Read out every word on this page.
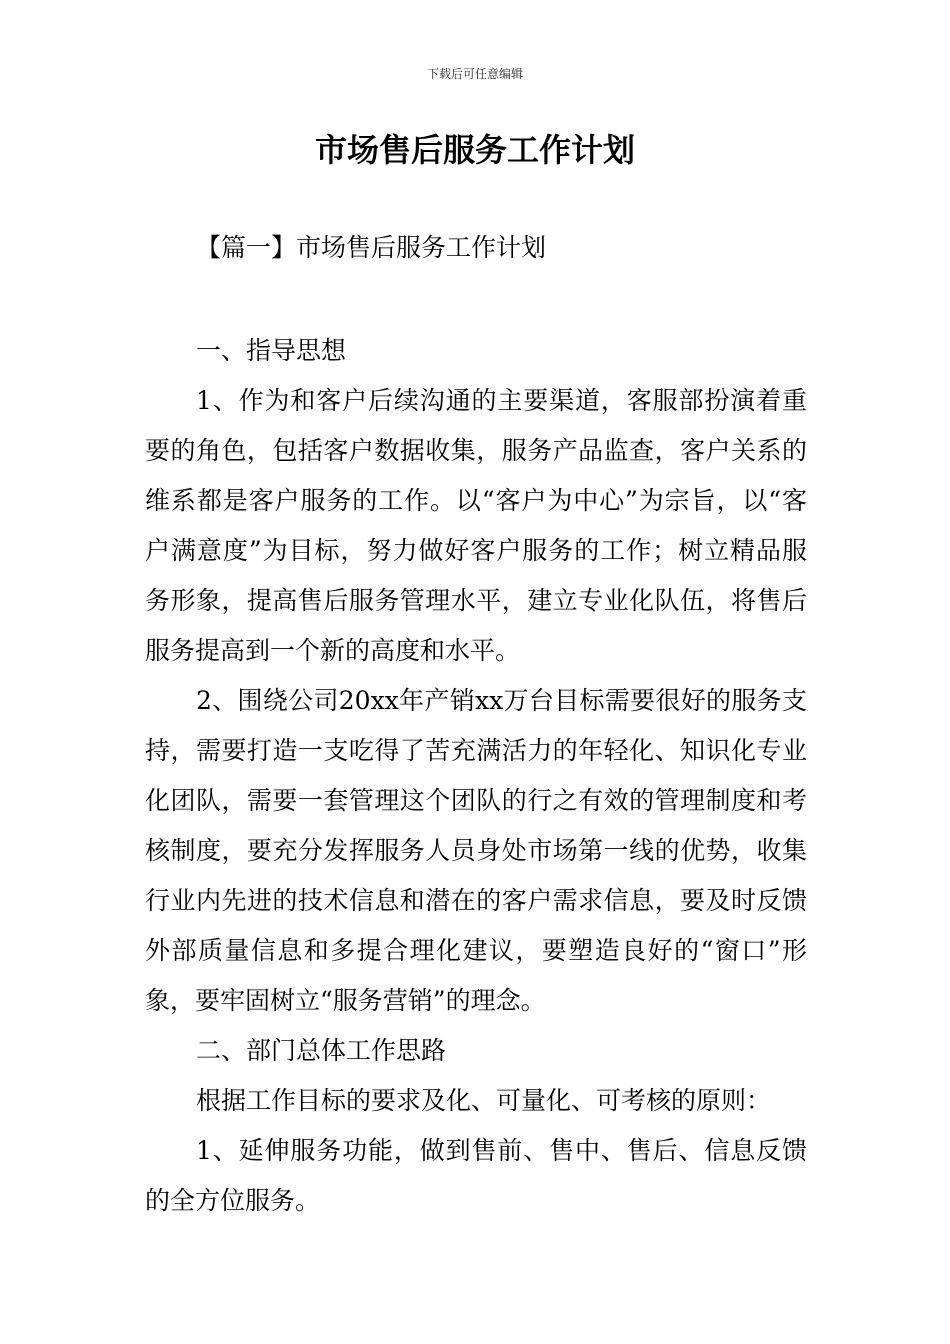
下载后可任意编辑
市场售后服务工作计划
【篇一】市场售后服务工作计划

一、指导思想

1、作为和客户后续沟通的主要渠道，客服部扮演着重要的角色，包括客户数据收集，服务产品监查，客户关系的维系都是客户服务的工作。以“客户为中心”为宗旨，以“客户满意度”为目标，努力做好客户服务的工作；树立精品服务形象，提高售后服务管理水平，建立专业化队伍，将售后服务提高到一个新的高度和水平。

2、围绕公司20xx年产销xx万台目标需要很好的服务支持，需要打造一支吃得了苦充满活力的年轻化、知识化专业化团队，需要一套管理这个团队的行之有效的管理制度和考核制度，要充分发挥服务人员身处市场第一线的优势，收集行业内先进的技术信息和潜在的客户需求信息，要及时反馈外部质量信息和多提合理化建议，要塑造良好的“窗口”形象，要牢固树立“服务营销”的理念。

二、部门总体工作思路

根据工作目标的要求及化、可量化、可考核的原则：

1、延伸服务功能，做到售前、售中、售后、信息反馈的全方位服务。
